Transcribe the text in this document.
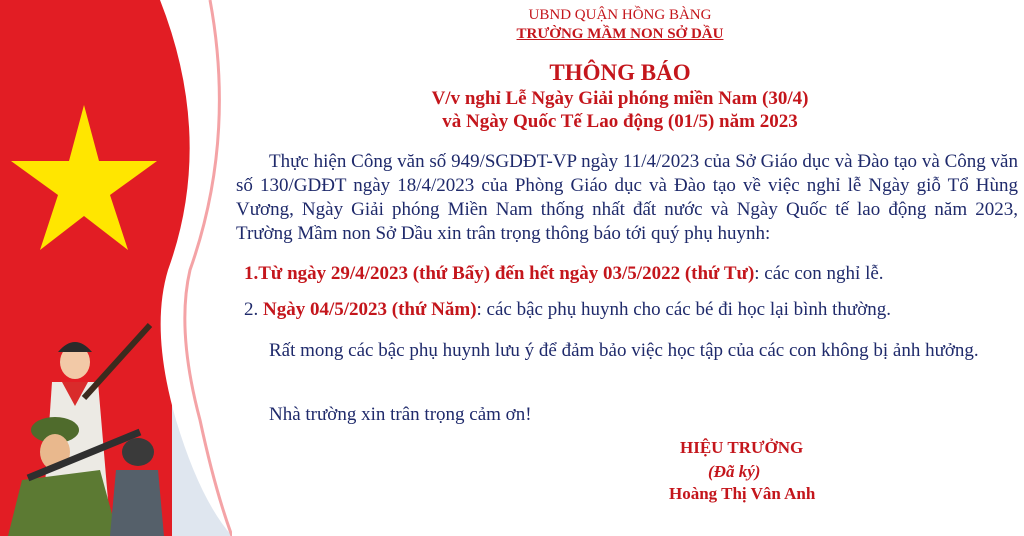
UBND QUẬN HỒNG BÀNG
TRƯỜNG MẦM NON SỞ DẦU
THÔNG BÁO
V/v nghỉ Lễ Ngày Giải phóng miền Nam (30/4)
và Ngày Quốc Tế Lao động (01/5) năm 2023

Thực hiện Công văn số 949/SGDĐT-VP ngày 11/4/2023 của Sở Giáo dục và Đào tạo và Công văn số 130/GDĐT ngày 18/4/2023 của Phòng Giáo dục và Đào tạo về việc nghỉ lễ Ngày giỗ Tổ Hùng Vương, Ngày Giải phóng Miền Nam thống nhất đất nước và Ngày Quốc tế lao động năm 2023, Trường Mầm non Sở Dầu xin trân trọng thông báo tới quý phụ huynh:

1.Từ ngày 29/4/2023 (thứ Bẩy) đến hết ngày 03/5/2022 (thứ Tư): các con nghỉ lễ.

2. Ngày 04/5/2023 (thứ Năm): các bậc phụ huynh cho các bé đi học lại bình thường.

Rất mong các bậc phụ huynh lưu ý để đảm bảo việc học tập của các con không bị ảnh hưởng.

Nhà trường xin trân trọng cảm ơn!

HIỆU TRƯỞNG
(Đã ký)
Hoàng Thị Vân Anh
